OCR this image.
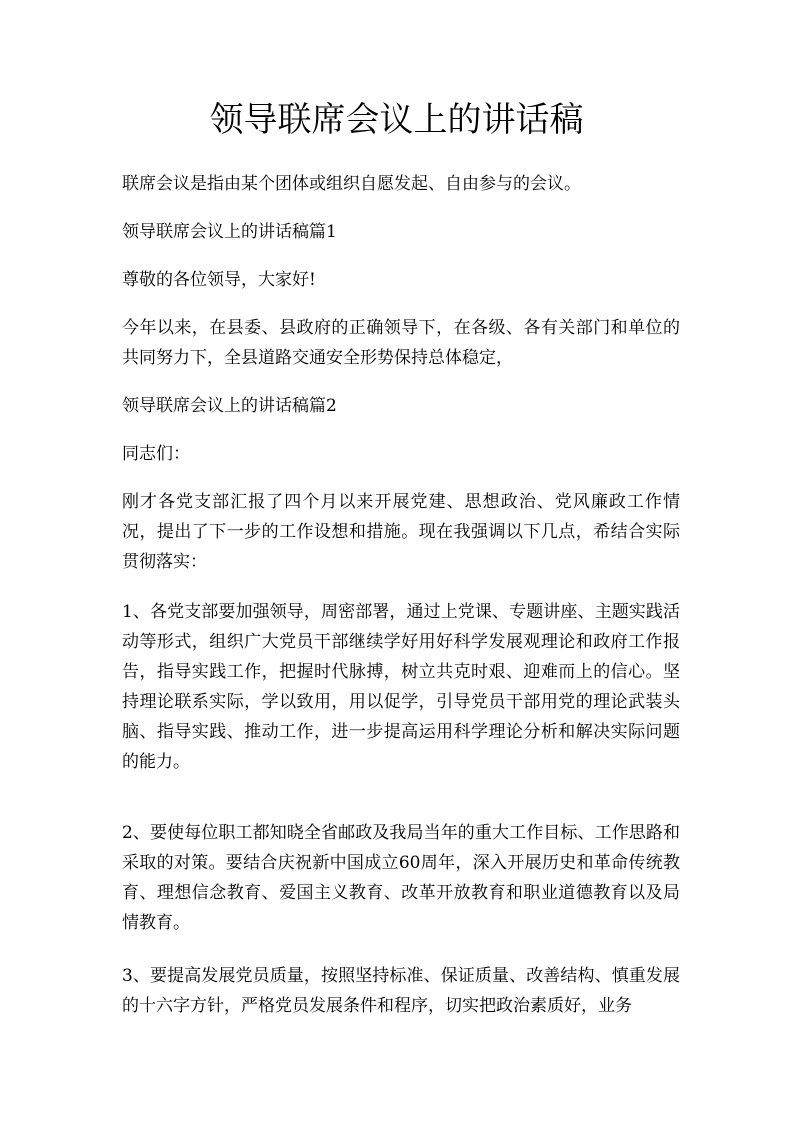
领导联席会议上的讲话稿

联席会议是指由某个团体或组织自愿发起、自由参与的会议。

领导联席会议上的讲话稿篇1

尊敬的各位领导，大家好!

今年以来，在县委、县政府的正确领导下，在各级、各有关部门和单位的共同努力下，全县道路交通安全形势保持总体稳定，

领导联席会议上的讲话稿篇2

同志们：

刚才各党支部汇报了四个月以来开展党建、思想政治、党风廉政工作情况，提出了下一步的工作设想和措施。现在我强调以下几点，希结合实际贯彻落实：

1、各党支部要加强领导，周密部署，通过上党课、专题讲座、主题实践活动等形式，组织广大党员干部继续学好用好科学发展观理论和政府工作报告，指导实践工作，把握时代脉搏，树立共克时艰、迎难而上的信心。坚持理论联系实际，学以致用，用以促学，引导党员干部用党的理论武装头脑、指导实践、推动工作，进一步提高运用科学理论分析和解决实际问题的能力。

2、要使每位职工都知晓全省邮政及我局当年的重大工作目标、工作思路和采取的对策。要结合庆祝新中国成立60周年，深入开展历史和革命传统教育、理想信念教育、爱国主义教育、改革开放教育和职业道德教育以及局情教育。

3、要提高发展党员质量，按照坚持标准、保证质量、改善结构、慎重发展的十六字方针，严格党员发展条件和程序，切实把政治素质好，业务
